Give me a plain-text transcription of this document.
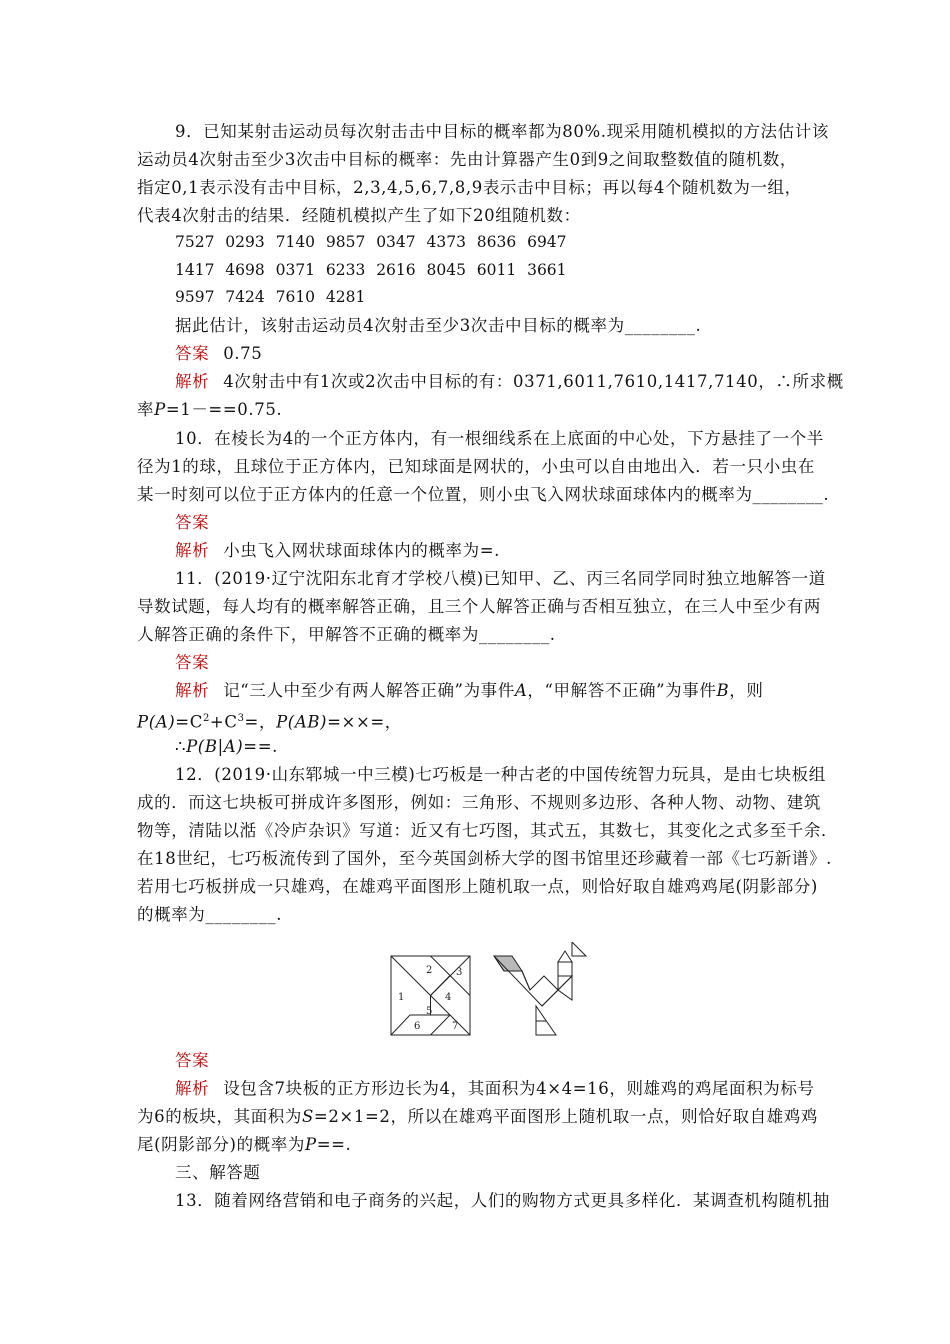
9．已知某射击运动员每次射击击中目标的概率都为80%.现采用随机模拟的方法估计该
运动员4次射击至少3次击中目标的概率：先由计算器产生0到9之间取整数值的随机数，
指定0,1表示没有击中目标，2,3,4,5,6,7,8,9表示击中目标；再以每4个随机数为一组，
代表4次射击的结果．经随机模拟产生了如下20组随机数：
7527 0293 7140 9857 0347 4373 8636 6947
1417 4698 0371 6233 2616 8045 6011 3661
9597 7424 7610 4281
据此估计，该射击运动员4次射击至少3次击中目标的概率为________.
答案 0.75
解析 4次射击中有1次或2次击中目标的有：0371,6011,7610,1417,7140，∴所求概
率P=1－==0.75.
10．在棱长为4的一个正方体内，有一根细线系在上底面的中心处，下方悬挂了一个半
径为1的球，且球位于正方体内，已知球面是网状的，小虫可以自由地出入．若一只小虫在
某一时刻可以位于正方体内的任意一个位置，则小虫飞入网状球面球体内的概率为________.
答案
解析 小虫飞入网状球面球体内的概率为=.
11．(2019·辽宁沈阳东北育才学校八模)已知甲、乙、丙三名同学同时独立地解答一道
导数试题，每人均有的概率解答正确，且三个人解答正确与否相互独立，在三人中至少有两
人解答正确的条件下，甲解答不正确的概率为________.
答案
解析 记“三人中至少有两人解答正确”为事件A，“甲解答不正确”为事件B，则
$P(A)=C^2+C^3=$，P(AB)=××=，
∴P(B|A)==.
12．(2019·山东郓城一中三模)七巧板是一种古老的中国传统智力玩具，是由七块板组
成的．而这七块板可拼成许多图形，例如：三角形、不规则多边形、各种人物、动物、建筑
物等，清陆以湉《冷庐杂识》写道：近又有七巧图，其式五，其数七，其变化之式多至千余．
在18世纪，七巧板流传到了国外，至今英国剑桥大学的图书馆里还珍藏着一部《七巧新谱》.
若用七巧板拼成一只雄鸡，在雄鸡平面图形上随机取一点，则恰好取自雄鸡鸡尾(阴影部分)
的概率为________.
1
2 3
4
5
6	7
答案
解析 设包含7块板的正方形边长为4，其面积为4×4=16，则雄鸡的鸡尾面积为标号
为6的板块，其面积为S=2×1=2，所以在雄鸡平面图形上随机取一点，则恰好取自雄鸡鸡
尾(阴影部分)的概率为P==.
三、解答题
13．随着网络营销和电子商务的兴起，人们的购物方式更具多样化．某调查机构随机抽
